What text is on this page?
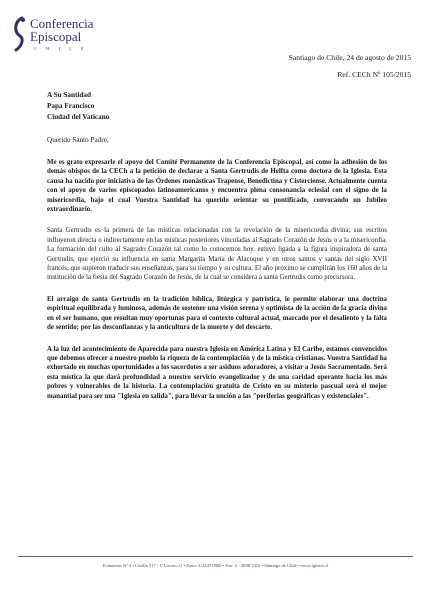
Conferencia
Episcopal
C H I L E
Santiago de Chile, 24 de agosto de 2015
Ref. CECh Nº 105/2015
A Su Santidad
Papa Francisco
Ciudad del Vaticano
Querido Santo Padre,

Me es grato expresarle el apoyo del Comité Permanente de la Conferencia Episcopal, así como la adhesión de los demás obispos de la CECh a la petición de declarar a Santa Gertrudis de Helfta como doctora de la Iglesia. Esta causa ha nacido por iniciativa de las Órdenes monásticas Trapense, Benedictina y Cisterciense. Actualmente cuenta con el apoyo de varios episcopados latinoamericanos y encuentra plena consonancia eclesial con el signo de la misericordia, bajo el cual Vuestra Santidad ha querido orientar su pontificado, convocando un Jubileo extraordinario.

Santa Gertrudis es la primera de las místicas relacionadas con la revelación de la misericordia divina; sus escritos influyeron directa o indirectamente en las místicas posteriores vinculadas al Sagrado Corazón de Jesús o a la misericordia. La formación del culto al Sagrado Corazón tal como lo conocemos hoy, estuvo ligada a la figura inspiradora de santa Gertrudis, que ejerció su influencia en santa Margarita María de Alacoque y en otros santos y santas del siglo XVII francés, que supieron traducir sus enseñanzas, para su tiempo y su cultura. El año próximo se cumplirán los 160 años de la institución de la fiesta del Sagrado Corazón de Jesús, de la cual se considera a santa Gertrudis como precursora.

El arraigo de santa Gertrudis en la tradición bíblica, litúrgica y patrística, le permite elaborar una doctrina espiritual equilibrada y luminosa, además de sostener una visión serena y optimista de la acción de la gracia divina en el ser humano, que resultan muy oportunas para el contexto cultural actual, marcado por el desaliento y la falta de sentido; por las desconfianzas y la anticultura de la muerte y del descarte.

A la luz del acontecimiento de Aparecida para nuestra Iglesia en América Latina y El Caribe, estamos convencidos que debemos ofrecer a nuestro pueblo la riqueza de la contemplación y de la mística cristianas. Vuestra Santidad ha exhortado en muchas oportunidades a los sacerdotes a ser asiduos adoradores, a visitar a Jesús Sacramentado. Será esta mística la que dará profundidad a nuestro servicio evangelizador y de una caridad operante hacia los más pobres y vulnerables de la historia. La contemplación gratuita de Cristo en su misterio pascual será el mejor manantial para ser una "Iglesia en salida", para llevar la unción a las "periferias geográficas y existenciales".

Echaurren Nº 4 • Casilla 517 - V Correo 21 • Fono: 2-2347 0900 • Fax: 2 - 2698 1416 • Santiago de Chile • www.iglesia.cl
